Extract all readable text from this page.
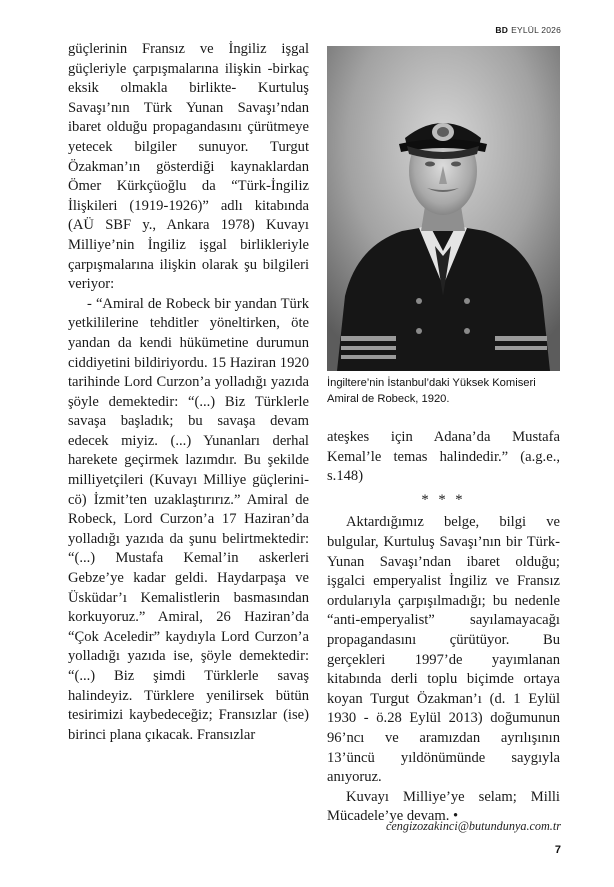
BD EYLÜL 2026

güçlerinin Fransız ve İngiliz işgal güçleriyle çarpışmalarına ilişkin -birkaç eksik olmakla birlikte- Kurtuluş Savaşı’nın Türk Yunan Savaşı’ndan ibaret olduğu propagandasını çürütmeye yetecek bilgiler sunuyor. Turgut Özakman’ın gösterdiği kaynaklardan Ömer Kürkçüoğlu da “Türk-İngiliz İlişkileri (1919-1926)” adlı kitabında (AÜ SBF y., Ankara 1978) Kuvayı Milliye’nin İngiliz işgal birlikleriyle çarpışmalarına ilişkin olarak şu bilgileri veriyor:

- “Amiral de Robeck bir yandan Türk yetkililerine tehditler yöneltirken, öte yandan da kendi hükümetine durumun ciddiyetini bildiriyordu. 15 Haziran 1920 tarihinde Lord Curzon’a yolladığı yazıda şöyle demektedir: “(...) Biz Türklerle savaşa başladık; bu savaşa devam edecek miyiz. (...) Yunanları derhal harekete geçirmek lazımdır. Bu şekilde milliyetçileri (Kuvayı Milliye güçlerini-cö) İzmit’ten uzaklaştırırız.” Amiral de Robeck, Lord Curzon’a 17 Haziran’da yolladığı yazıda da şunu belirtmektedir: “(...) Mustafa Kemal’in askerleri Gebze’ye kadar geldi. Haydarpaşa ve Üsküdar’ı Kemalistlerin basmasından korkuyoruz.” Amiral, 26 Haziran’da “Çok Aceledir” kaydıyla Lord Curzon’a yolladığı yazıda ise, şöyle demektedir: “(...) Biz şimdi Türklerle savaş halindeyiz. Türklere yenilirsek bütün tesirimizi kaybedeceğiz; Fransızlar (ise) birinci plana çıkacak. Fransızlar

İngiltere’nin İstanbul’daki Yüksek Komiseri Amiral de Robeck, 1920.

ateşkes için Adana’da Mustafa Kemal’le temas halindedir.” (a.g.e., s.148)

* * *

Aktardığımız belge, bilgi ve bulgular, Kurtuluş Savaşı’nın bir Türk-Yunan Savaşı’ndan ibaret olduğu; işgalci emperyalist İngiliz ve Fransız ordularıyla çarpışılmadığı; bu nedenle “anti-emperyalist” sayılamayacağı propagandasını çürütüyor. Bu gerçekleri 1997’de yayımlanan kitabında derli toplu biçimde ortaya koyan Turgut Özakman’ı (d. 1 Eylül 1930 - ö.28 Eylül 2013) doğumunun 96’ncı ve aramızdan ayrılışının 13’üncü yıldönümünde saygıyla anıyoruz.

Kuvayı Milliye’ye selam; Milli Mücadele’ye devam. •

cengizozakinci@butundunya.com.tr
7
